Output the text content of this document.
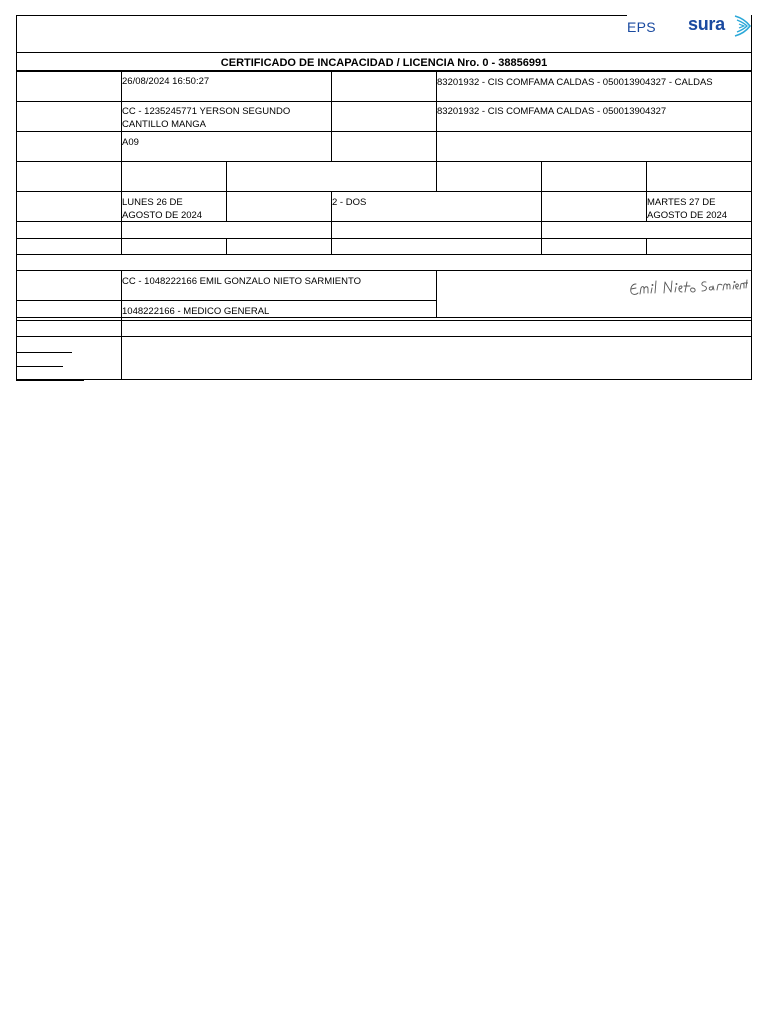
EPS sura
CERTIFICADO DE INCAPACIDAD / LICENCIA Nro. 0 - 38856991
26/08/2024 16:50:27	83201932 - CIS COMFAMA CALDAS - 050013904327 - CALDAS
CC - 1235245771 YERSON SEGUNDO
CANTILLO MANGA
83201932 - CIS COMFAMA CALDAS - 050013904327
A09
LUNES 26 DE
AGOSTO DE 2024
2 - DOS	MARTES 27 DE
AGOSTO DE 2024
CC - 1048222166 EMIL GONZALO NIETO SARMIENTO
1048222166 - MEDICO GENERAL
